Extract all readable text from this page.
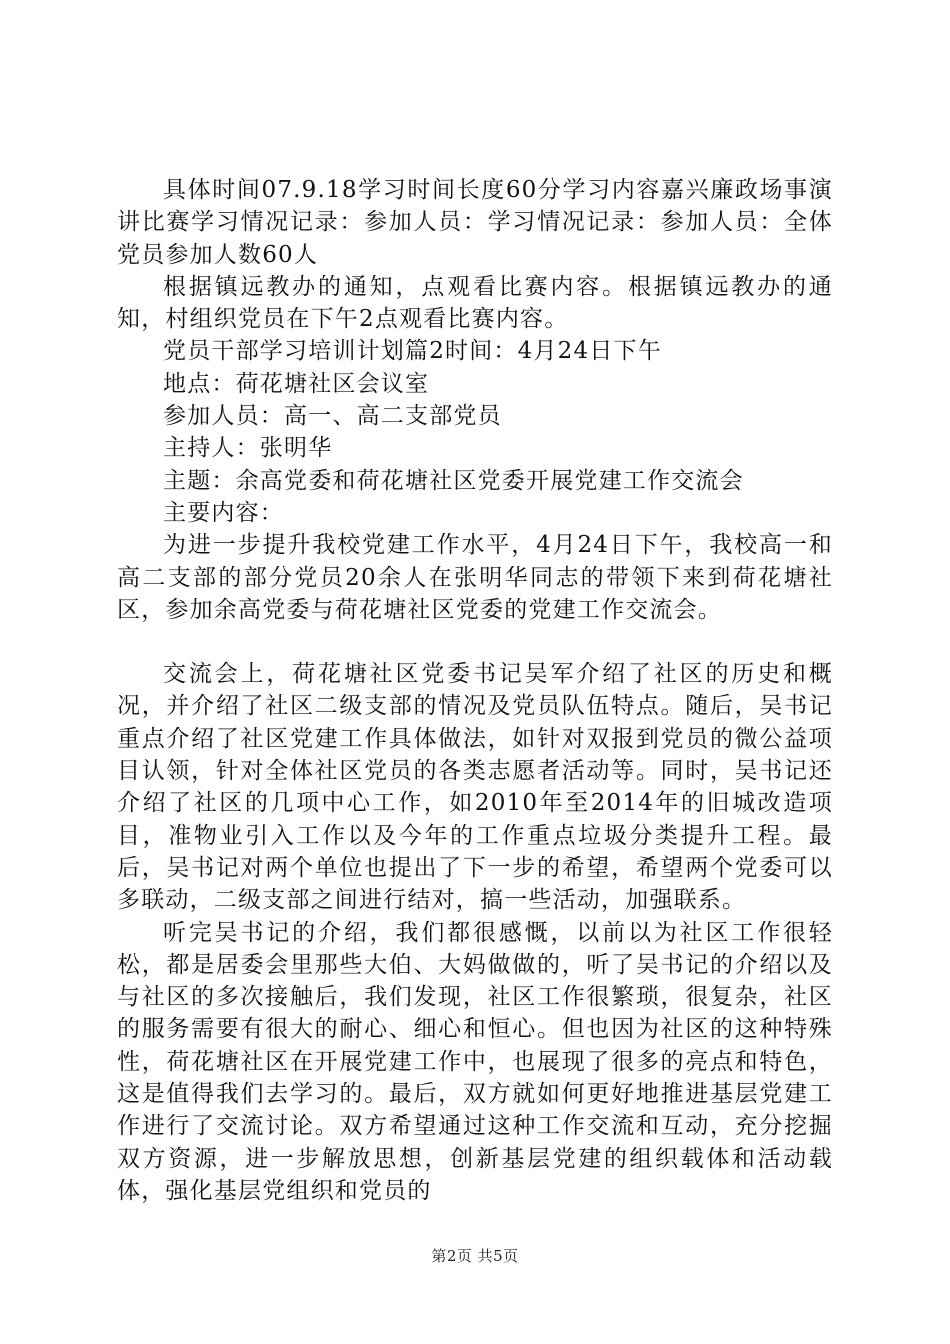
具体时间07.9.18学习时间长度60分学习内容嘉兴廉政场事演讲比赛学习情况记录：参加人员：学习情况记录：参加人员：全体党员参加人数60人

根据镇远教办的通知，点观看比赛内容。根据镇远教办的通知，村组织党员在下午2点观看比赛内容。

党员干部学习培训计划篇2时间：4月24日下午

地点：荷花塘社区会议室

参加人员：高一、高二支部党员

主持人：张明华

主题：余高党委和荷花塘社区党委开展党建工作交流会

主要内容：

为进一步提升我校党建工作水平，4月24日下午，我校高一和高二支部的部分党员20余人在张明华同志的带领下来到荷花塘社区，参加余高党委与荷花塘社区党委的党建工作交流会。

交流会上，荷花塘社区党委书记吴军介绍了社区的历史和概况，并介绍了社区二级支部的情况及党员队伍特点。随后，吴书记重点介绍了社区党建工作具体做法，如针对双报到党员的微公益项目认领，针对全体社区党员的各类志愿者活动等。同时，吴书记还介绍了社区的几项中心工作，如2010年至2014年的旧城改造项目，准物业引入工作以及今年的工作重点垃圾分类提升工程。最后，吴书记对两个单位也提出了下一步的希望，希望两个党委可以多联动，二级支部之间进行结对，搞一些活动，加强联系。

听完吴书记的介绍，我们都很感慨，以前以为社区工作很轻松，都是居委会里那些大伯、大妈做做的，听了吴书记的介绍以及与社区的多次接触后，我们发现，社区工作很繁琐，很复杂，社区的服务需要有很大的耐心、细心和恒心。但也因为社区的这种特殊性，荷花塘社区在开展党建工作中，也展现了很多的亮点和特色，这是值得我们去学习的。最后，双方就如何更好地推进基层党建工作进行了交流讨论。双方希望通过这种工作交流和互动，充分挖掘双方资源，进一步解放思想，创新基层党建的组织载体和活动载体，强化基层党组织和党员的

第2页 共5页
